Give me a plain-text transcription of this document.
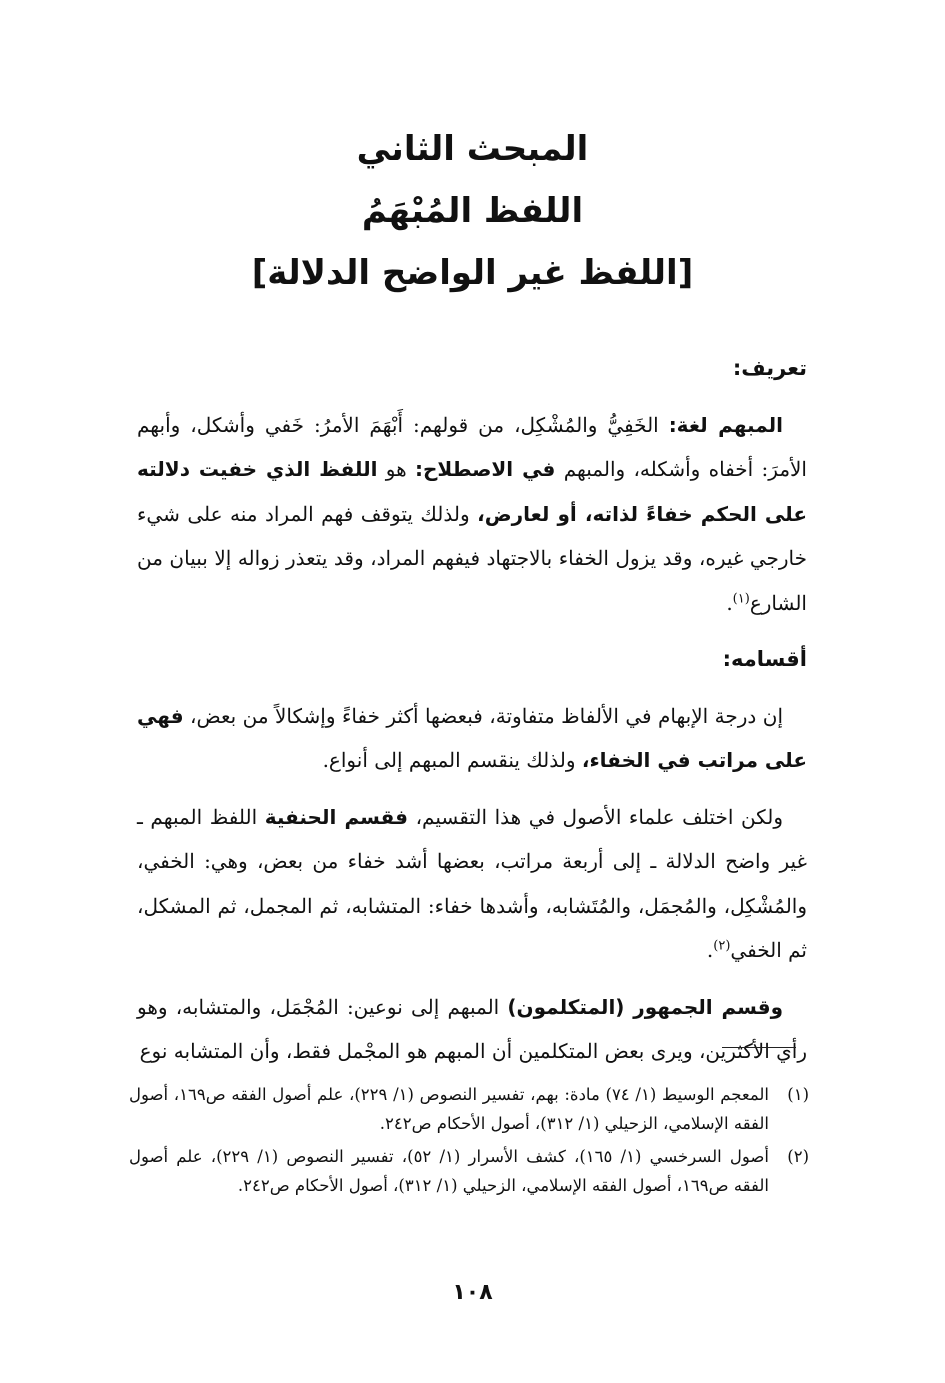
المبحث الثاني

اللفظ المُبْهَمُ

[اللفظ غير الواضح الدلالة]

تعريف:

المبهم لغة: الخَفِيُّ والمُشْكِل، من قولهم: أَبْهَمَ الأمرُ: خَفي وأشكل، وأبهم الأمرَ: أخفاه وأشكله، والمبهم في الاصطلاح: هو اللفظ الذي خفيت دلالته على الحكم خفاءً لذاته، أو لعارض، ولذلك يتوقف فهم المراد منه على شيء خارجي غيره، وقد يزول الخفاء بالاجتهاد فيفهم المراد، وقد يتعذر زواله إلا ببيان من الشارع$^{(١)}$.

أقسامه:

إن درجة الإبهام في الألفاظ متفاوتة، فبعضها أكثر خفاءً وإشكالاً من بعض، فهي على مراتب في الخفاء، ولذلك ينقسم المبهم إلى أنواع.

ولكن اختلف علماء الأصول في هذا التقسيم، فقسم الحنفية اللفظ المبهم ـ غير واضح الدلالة ـ إلى أربعة مراتب، بعضها أشد خفاء من بعض، وهي: الخفي، والمُشْكِل، والمُجمَل، والمُتَشابه، وأشدها خفاء: المتشابه، ثم المجمل، ثم المشكل، ثم الخفي$^{(٢)}$.

وقسم الجمهور (المتكلمون) المبهم إلى نوعين: المُجْمَل، والمتشابه، وهو رأي الأكثرين، ويرى بعض المتكلمين أن المبهم هو المجْمل فقط، وأن المتشابه نوع

(١)
المعجم الوسيط (١/ ٧٤) مادة: بهم، تفسير النصوص (١/ ٢٢٩)، علم أصول الفقه ص١٦٩، أصول الفقه الإسلامي، الزحيلي (١/ ٣١٢)، أصول الأحكام ص٢٤٢.
(٢)
أصول السرخسي (١/ ١٦٥)، كشف الأسرار (١/ ٥٢)، تفسير النصوص (١/ ٢٢٩)، علم أصول الفقه ص١٦٩، أصول الفقه الإسلامي، الزحيلي (١/ ٣١٢)، أصول الأحكام ص٢٤٢.
١٠٨
